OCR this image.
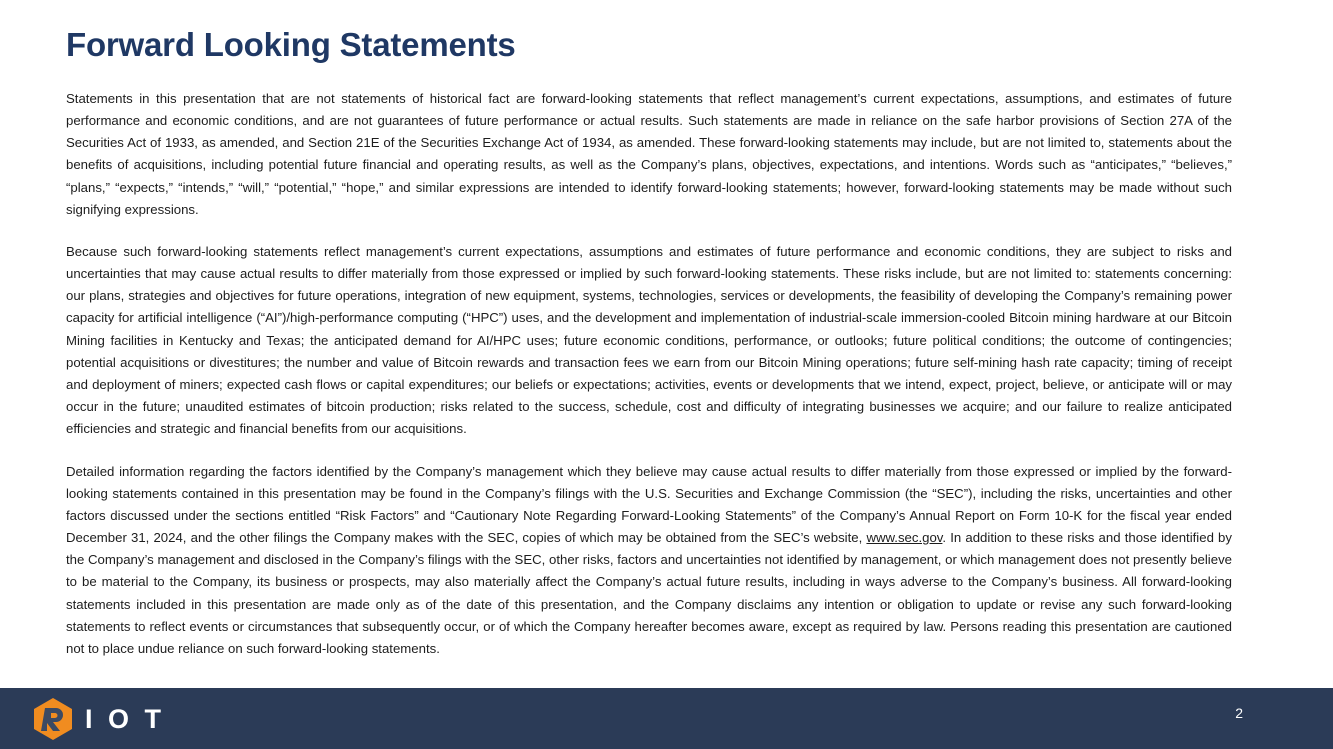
Forward Looking Statements

Statements in this presentation that are not statements of historical fact are forward-looking statements that reflect management’s current expectations, assumptions, and estimates of future performance and economic conditions, and are not guarantees of future performance or actual results. Such statements are made in reliance on the safe harbor provisions of Section 27A of the Securities Act of 1933, as amended, and Section 21E of the Securities Exchange Act of 1934, as amended. These forward-looking statements may include, but are not limited to, statements about the benefits of acquisitions, including potential future financial and operating results, as well as the Company’s plans, objectives, expectations, and intentions. Words such as “anticipates,” “believes,” “plans,” “expects,” “intends,” “will,” “potential,” “hope,” and similar expressions are intended to identify forward-looking statements; however, forward-looking statements may be made without such signifying expressions.

Because such forward-looking statements reflect management’s current expectations, assumptions and estimates of future performance and economic conditions, they are subject to risks and uncertainties that may cause actual results to differ materially from those expressed or implied by such forward-looking statements. These risks include, but are not limited to: statements concerning: our plans, strategies and objectives for future operations, integration of new equipment, systems, technologies, services or developments, the feasibility of developing the Company’s remaining power capacity for artificial intelligence (“AI”)/high-performance computing (“HPC”) uses, and the development and implementation of industrial-scale immersion-cooled Bitcoin mining hardware at our Bitcoin Mining facilities in Kentucky and Texas; the anticipated demand for AI/HPC uses; future economic conditions, performance, or outlooks; future political conditions; the outcome of contingencies; potential acquisitions or divestitures; the number and value of Bitcoin rewards and transaction fees we earn from our Bitcoin Mining operations; future self-mining hash rate capacity; timing of receipt and deployment of miners; expected cash flows or capital expenditures; our beliefs or expectations; activities, events or developments that we intend, expect, project, believe, or anticipate will or may occur in the future; unaudited estimates of bitcoin production; risks related to the success, schedule, cost and difficulty of integrating businesses we acquire; and our failure to realize anticipated efficiencies and strategic and financial benefits from our acquisitions.

Detailed information regarding the factors identified by the Company’s management which they believe may cause actual results to differ materially from those expressed or implied by the forward-looking statements contained in this presentation may be found in the Company’s filings with the U.S. Securities and Exchange Commission (the “SEC”), including the risks, uncertainties and other factors discussed under the sections entitled “Risk Factors” and “Cautionary Note Regarding Forward-Looking Statements” of the Company’s Annual Report on Form 10-K for the fiscal year ended December 31, 2024, and the other filings the Company makes with the SEC, copies of which may be obtained from the SEC’s website, www.sec.gov. In addition to these risks and those identified by the Company’s management and disclosed in the Company’s filings with the SEC, other risks, factors and uncertainties not identified by management, or which management does not presently believe to be material to the Company, its business or prospects, may also materially affect the Company’s actual future results, including in ways adverse to the Company’s business. All forward-looking statements included in this presentation are made only as of the date of this presentation, and the Company disclaims any intention or obligation to update or revise any such forward-looking statements to reflect events or circumstances that subsequently occur, or of which the Company hereafter becomes aware, except as required by law. Persons reading this presentation are cautioned not to place undue reliance on such forward-looking statements.

I O T	2
